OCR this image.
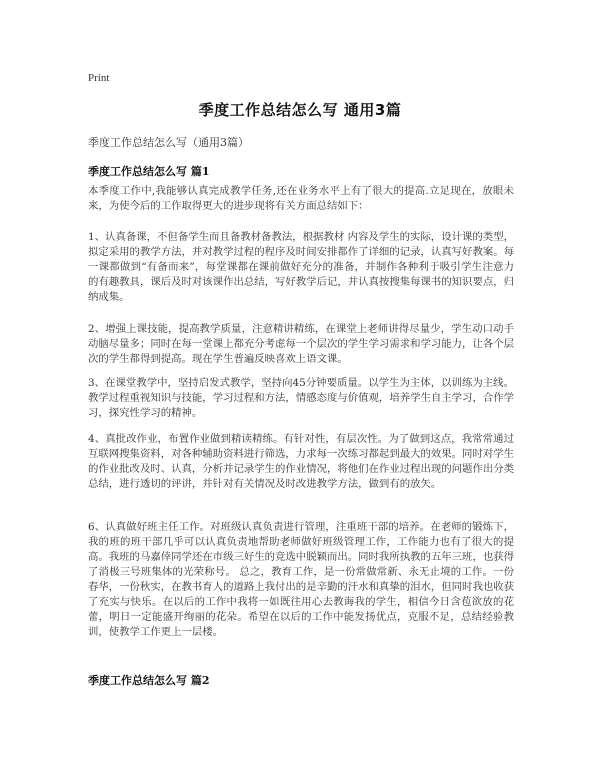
Print
季度工作总结怎么写 通用3篇
季度工作总结怎么写（通用3篇）
季度工作总结怎么写 篇1
本季度工作中,我能够认真完成教学任务,还在业务水平上有了很大的提高.立足现在，放眼未来，为使今后的工作取得更大的进步现将有关方面总结如下：
1、认真备课，不但备学生而且备教材备教法，根据教材 内容及学生的实际，设计课的类型，拟定采用的教学方法，并对教学过程的程序及时间安排都作了详细的记录，认真写好教案。每一课都做到“有备而来”，每堂课都在课前做好充分的准备，并制作各种利于吸引学生注意力的有趣教具，课后及时对该课作出总结，写好教学后记，并认真按搜集每课书的知识要点，归纳成集。
2、增强上课技能，提高教学质量，注意精讲精练，在课堂上老师讲得尽量少，学生动口动手动脑尽量多；同时在每一堂课上都充分考虑每一个层次的学生学习需求和学习能力，让各个层次的学生都得到提高。现在学生普遍反映喜欢上语文课。
3、在课堂教学中，坚持启发式教学，坚持向45分钟要质量。以学生为主体，以训练为主线。教学过程重视知识与技能，学习过程和方法，情感态度与价值观，培养学生自主学习，合作学习，探究性学习的精神。
4、真批改作业，布置作业做到精读精练。有针对性，有层次性。为了做到这点，我常常通过互联网搜集资料，对各种辅助资料进行筛选，力求每一次练习都起到最大的效果。同时对学生的作业批改及时、认真，分析并记录学生的作业情况，将他们在作业过程出现的问题作出分类总结，进行透切的评讲，并针对有关情况及时改进教学方法，做到有的放矢。
6、认真做好班主任工作。对班级认真负责进行管理，注重班干部的培养。在老师的锻炼下，我的班的班干部几乎可以认真负责地帮助老师做好班级管理工作，工作能力也有了很大的提高。我班的马嘉倖同学还在市级三好生的竞选中脱颖而出。同时我所执教的五年三班，也获得了消极三号班集体的光荣称号。 总之，教育工作，是一份常做常新、永无止境的工作。一份春华，一份秋实，在教书育人的道路上我付出的是辛勤的汗水和真挚的泪水，但同时我也收获了充实与快乐。在以后的工作中我将一如既往用心去教诲我的学生，相信今日含苞欲放的花蕾，明日一定能盛开绚丽的花朵。希望在以后的工作中能发扬优点，克服不足，总结经验教训，使教学工作更上一层楼。
季度工作总结怎么写 篇2
